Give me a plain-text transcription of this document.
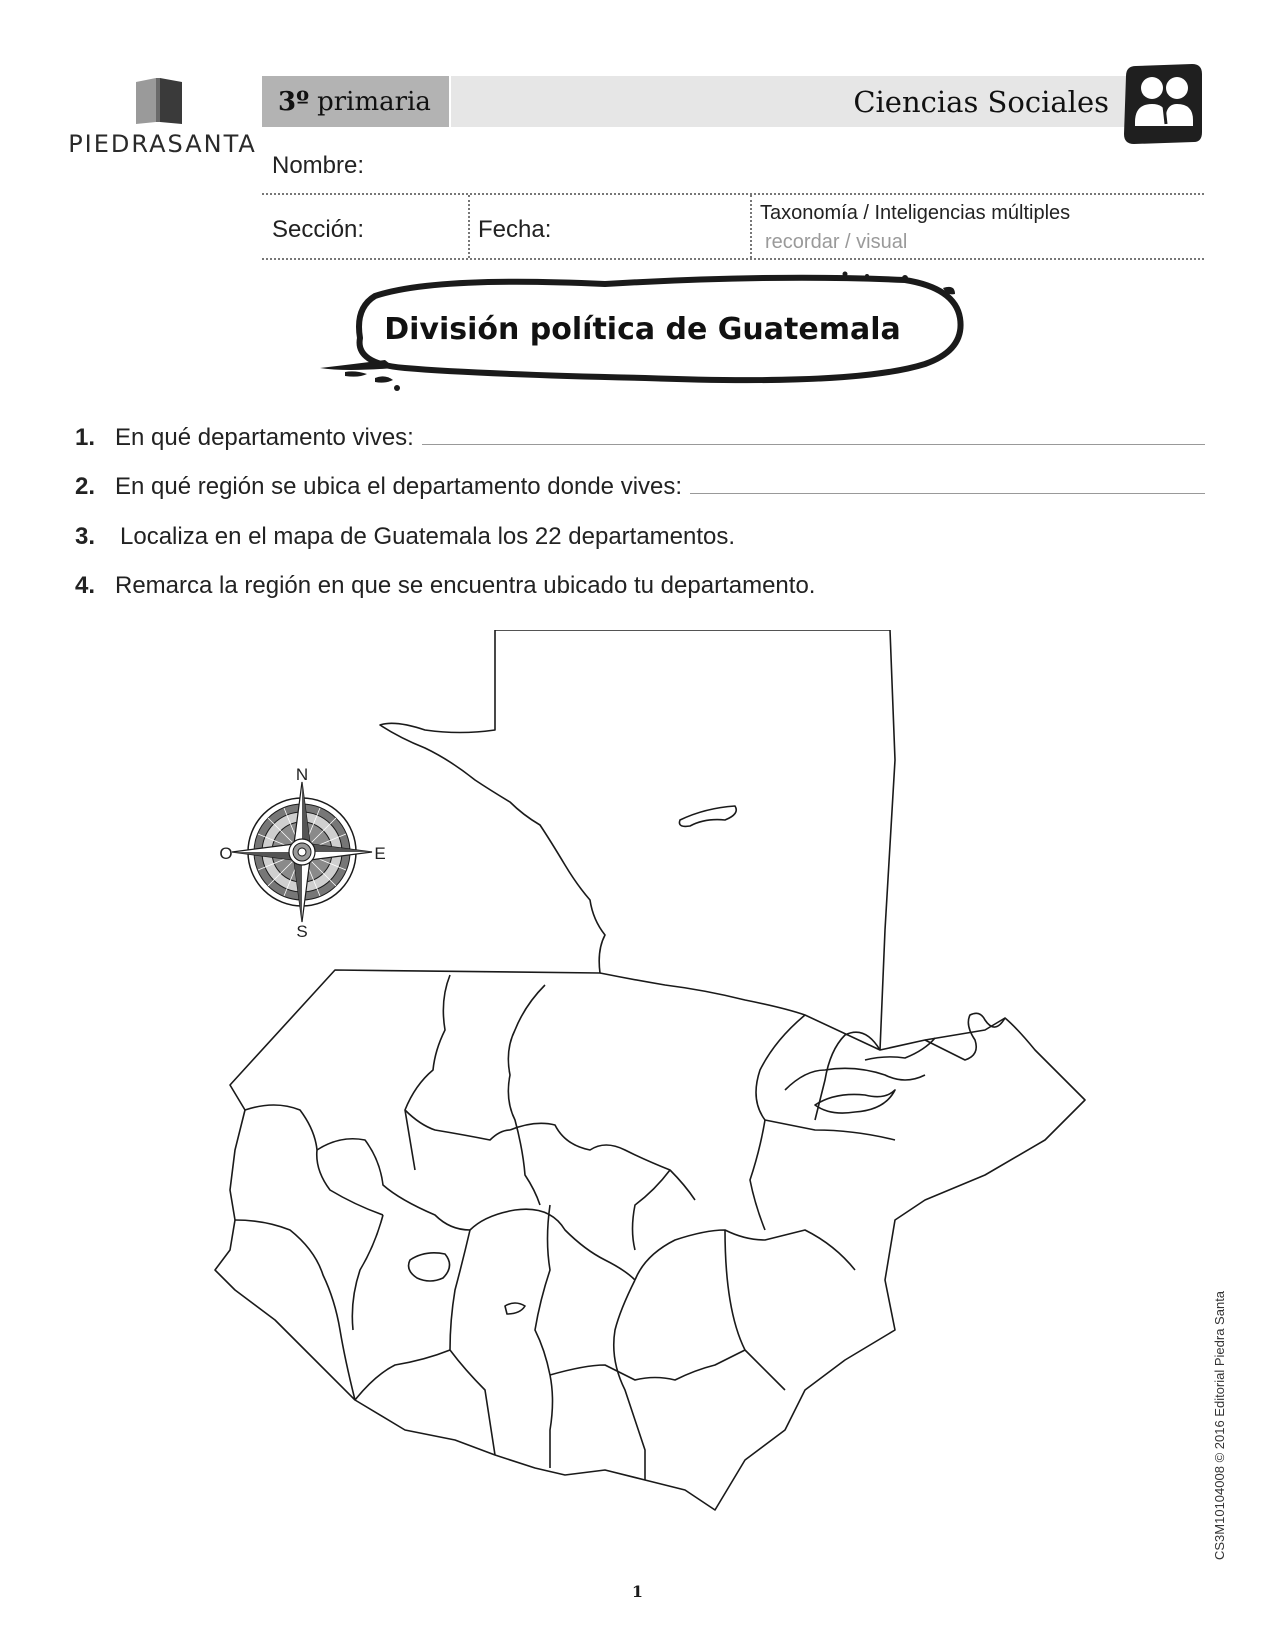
PIEDRASANTA
3º primaria	Ciencias Sociales
Nombre:
Sección:	Fecha:
Taxonomía / Inteligencias múltiples
recordar / visual
División política de Guatemala
1. En qué departamento vives:
2. En qué región se ubica el departamento donde vives:
3.	Localiza en el mapa de Guatemala los 22 departamentos.
4. Remarca la región en que se encuentra ubicado tu departamento.
N
S
O	E
1
CS3M10104008 © 2016 Editorial Piedra Santa
